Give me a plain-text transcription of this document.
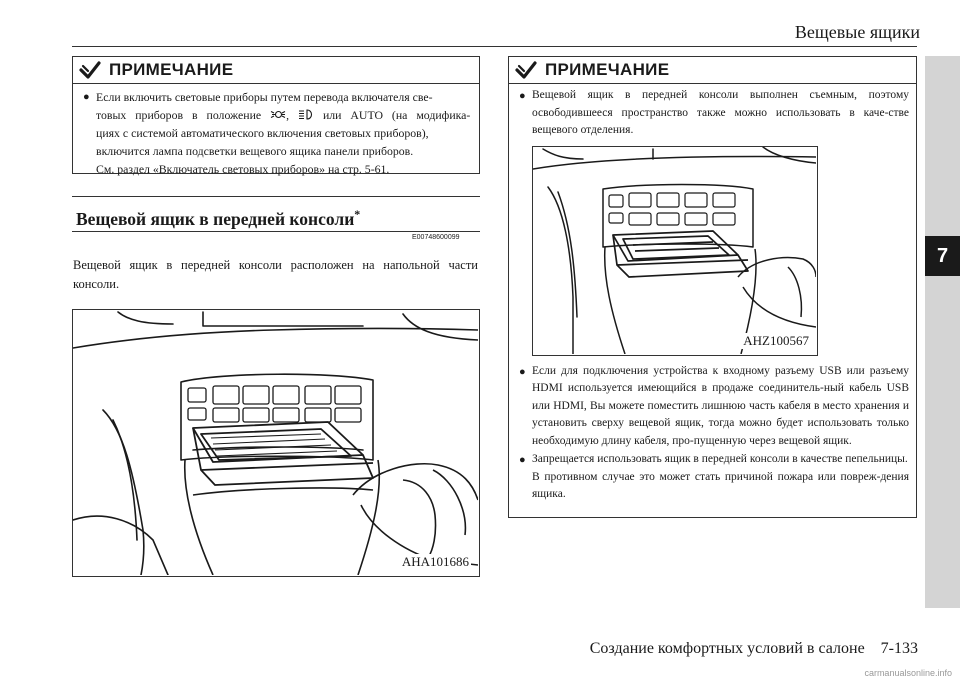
Вещевые ящики
7
ПРИМЕЧАНИЕ
● Если включить световые приборы путем перевода включателя све-
товых приборов в положение ,  или AUTO (на модифика-
циях с системой автоматического включения световых приборов),
включится лампа подсветки вещевого ящика панели приборов.
См. раздел «Включатель световых приборов» на стр. 5-61.
Вещевой ящик в передней консоли*
E00748600099
Вещевой ящик в передней консоли расположен на напольной части консоли.
AHA101686
ПРИМЕЧАНИЕ
● Вещевой ящик в передней консоли выполнен съемным, поэтому освободившееся пространство также можно использовать в каче-стве вещевого отделения.
AHZ100567
● Если для подключения устройства к входному разъему USB или разъему HDMI используется имеющийся в продаже соединитель-ный кабель USB или HDMI, Вы можете поместить лишнюю часть кабеля в место хранения и установить сверху вещевой ящик, тогда можно будет использовать только необходимую длину кабеля, про-пущенную через вещевой ящик.
● Запрещается использовать ящик в передней консоли в качестве пепельницы.
В противном случае это может стать причиной пожара или повреж-дения ящика.
Создание комфортных условий в салоне    7-133
carmanualsonline.info
